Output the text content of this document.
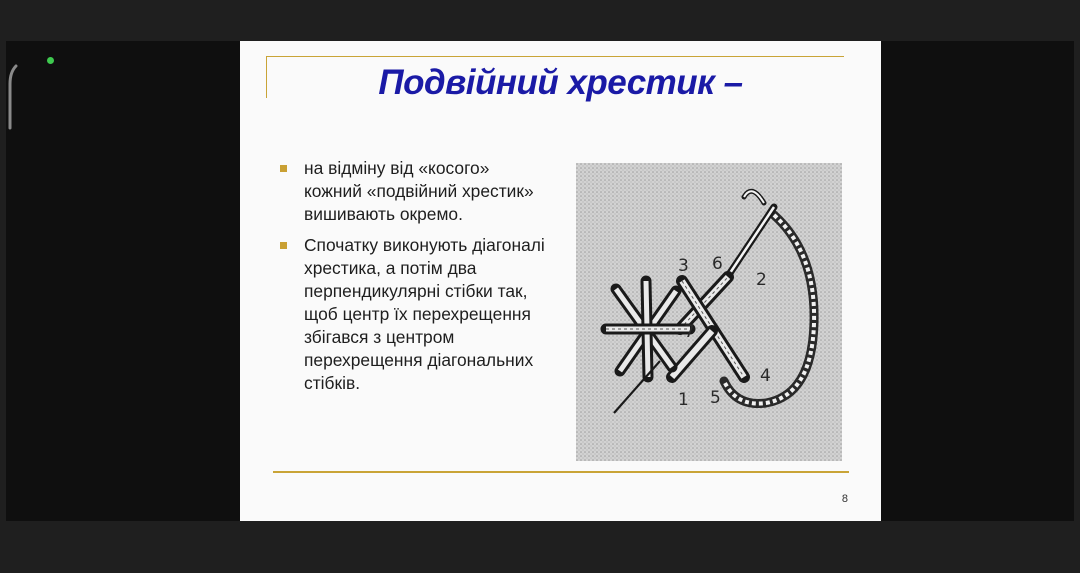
Подвійний хрестик –
на відміну від «косого» кожний «подвійний хрестик» вишивають окремо.
Спочатку виконують діагоналі хрестика, а потім два перпендикулярні стібки так, щоб центр їх перехрещення збігався з центром перехрещення діагональних стібків.
3 6
2
7
4
1 5
8
